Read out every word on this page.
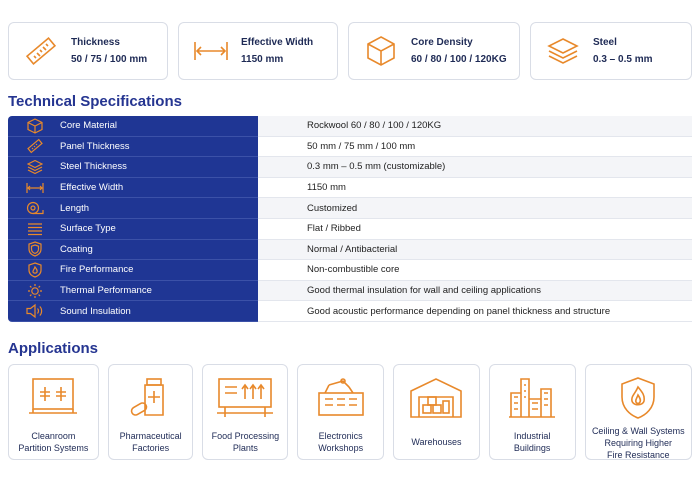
Thickness
50 / 75 / 100 mm
Effective Width
1150 mm
Core Density
60 / 80 / 100 / 120KG
Steel
0.3 – 0.5 mm
Technical Specifications
Core Material	Rockwool 60 / 80 / 100 / 120KG
Panel Thickness	50 mm / 75 mm / 100 mm
Steel Thickness	0.3 mm – 0.5 mm (customizable)
Effective Width	1150 mm
Length	Customized
Surface Type	Flat / Ribbed
Coating	Normal / Antibacterial
Fire Performance	Non-combustible core
Thermal Performance	Good thermal insulation for wall and ceiling applications
Sound Insulation	Good acoustic performance depending on panel thickness and structure
Applications
Cleanroom
Partition Systems
Pharmaceutical
Factories
Food Processing
Plants
Electronics
Workshops
Warehouses
Industrial
Buildings
Ceiling & Wall Systems
Requiring Higher
Fire Resistance
